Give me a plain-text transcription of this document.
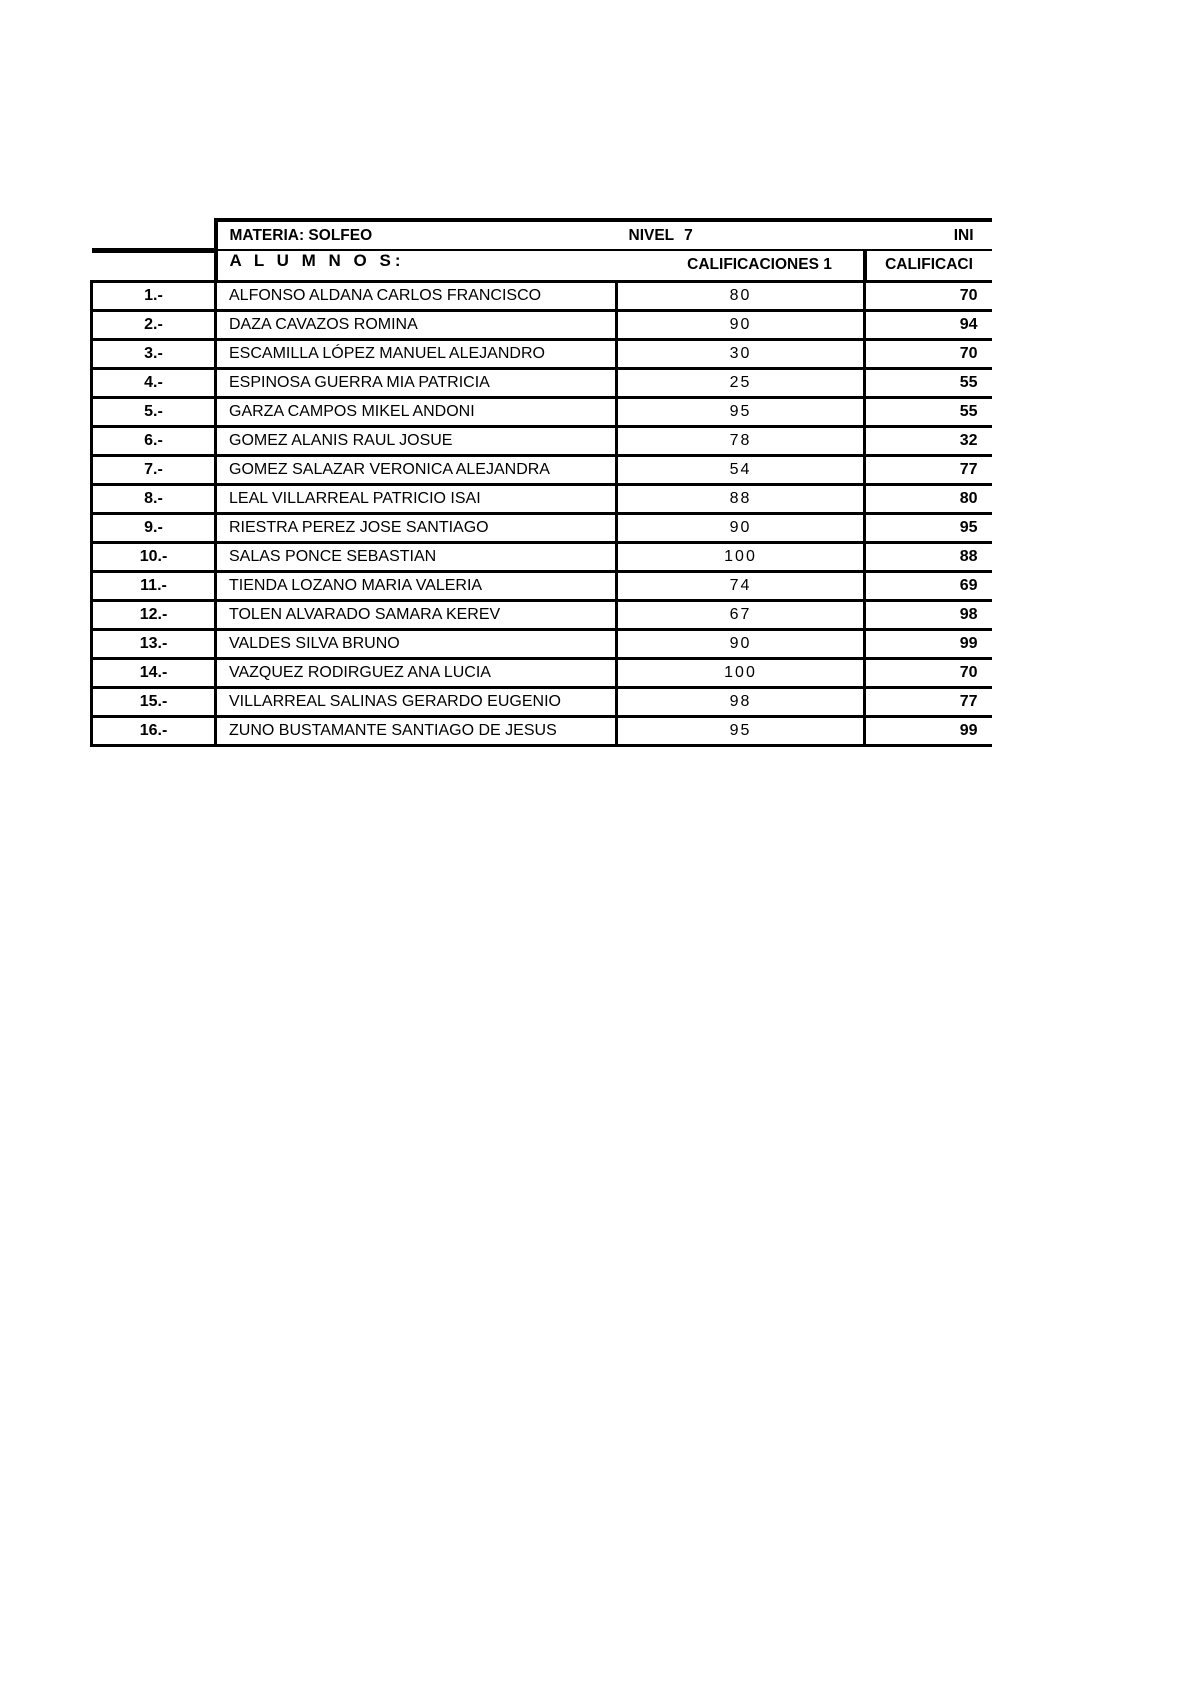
	MATERIA: SOLFEO	NIVEL 7	INI
	A L U M N O S:	CALIFICACIONES 1	CALIFICACI
1.-	ALFONSO ALDANA CARLOS FRANCISCO	80	70
2.-	DAZA CAVAZOS ROMINA	90	94
3.-	ESCAMILLA LÓPEZ MANUEL ALEJANDRO	30	70
4.-	ESPINOSA GUERRA MIA PATRICIA	25	55
5.-	GARZA CAMPOS MIKEL ANDONI	95	55
6.-	GOMEZ ALANIS RAUL JOSUE	78	32
7.-	GOMEZ SALAZAR VERONICA ALEJANDRA	54	77
8.-	LEAL VILLARREAL PATRICIO ISAI	88	80
9.-	RIESTRA PEREZ JOSE SANTIAGO	90	95
10.-	SALAS PONCE SEBASTIAN	100	88
11.-	TIENDA LOZANO MARIA VALERIA	74	69
12.-	TOLEN ALVARADO SAMARA KEREV	67	98
13.-	VALDES SILVA BRUNO	90	99
14.-	VAZQUEZ RODIRGUEZ ANA LUCIA	100	70
15.-	VILLARREAL SALINAS GERARDO EUGENIO	98	77
16.-	ZUNO BUSTAMANTE SANTIAGO DE JESUS	95	99
